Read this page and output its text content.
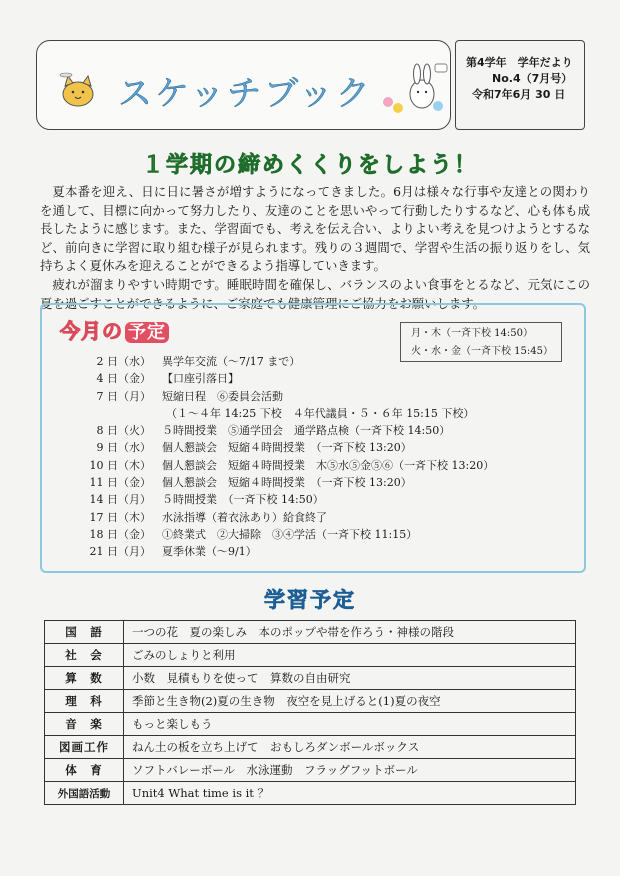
スケッチブック
第4学年　学年だより
No.4（7月号）
令和7年6月 30 日
１学期の締めくくりをしよう！

夏本番を迎え、日に日に暑さが増すようになってきました。6月は様々な行事や友達との関わりを通して、目標に向かって努力したり、友達のことを思いやって行動したりするなど、心も体も成長したように感じます。また、学習面でも、考えを伝え合い、よりよい考えを見つけようとするなど、前向きに学習に取り組む様子が見られます。残りの３週間で、学習や生活の振り返りをし、気持ちよく夏休みを迎えることができるよう指導していきます。

疲れが溜まりやすい時期です。睡眠時間を確保し、バランスのよい食事をとるなど、元気にこの夏を過ごすことができるように、ご家庭でも健康管理にご協力をお願いします。

今月の 予定	月・木（一斉下校 14:50）
火・水・金（一斉下校 15:45）
2 日（水） 異学年交流（～7/17 まで）
4 日（金） 【口座引落日】
7 日（月） 短縮日程　⑥委員会活動
（１～４年 14:25 下校　４年代議員・５・６年 15:15 下校）
8 日（火） ５時間授業　⑤通学団会　通学路点検（一斉下校 14:50）
9 日（水） 個人懇談会　短縮４時間授業　（一斉下校 13:20）
10 日（木） 個人懇談会　短縮４時間授業　木⑤水⑤金⑤⑥（一斉下校 13:20）
11 日（金） 個人懇談会　短縮４時間授業　（一斉下校 13:20）
14 日（月） ５時間授業　（一斉下校 14:50）
17 日（木） 水泳指導（着衣泳あり）給食終了
18 日（金） ①終業式　②大掃除　③④学活（一斉下校 11:15）
21 日（月） 夏季休業（～9/1）
学習予定
国　語	一つの花　夏の楽しみ　本のポップや帯を作ろう・神様の階段
社　会	ごみのしょりと利用
算　数	小数　見積もりを使って　算数の自由研究
理　科	季節と生き物(2)夏の生き物　夜空を見上げると(1)夏の夜空
音　楽	もっと楽しもう
図画工作	ねん土の板を立ち上げて　おもしろダンボールボックス
体　育	ソフトバレーボール　水泳運動　フラッグフットボール
外国語活動	Unit4 What time is it ？
